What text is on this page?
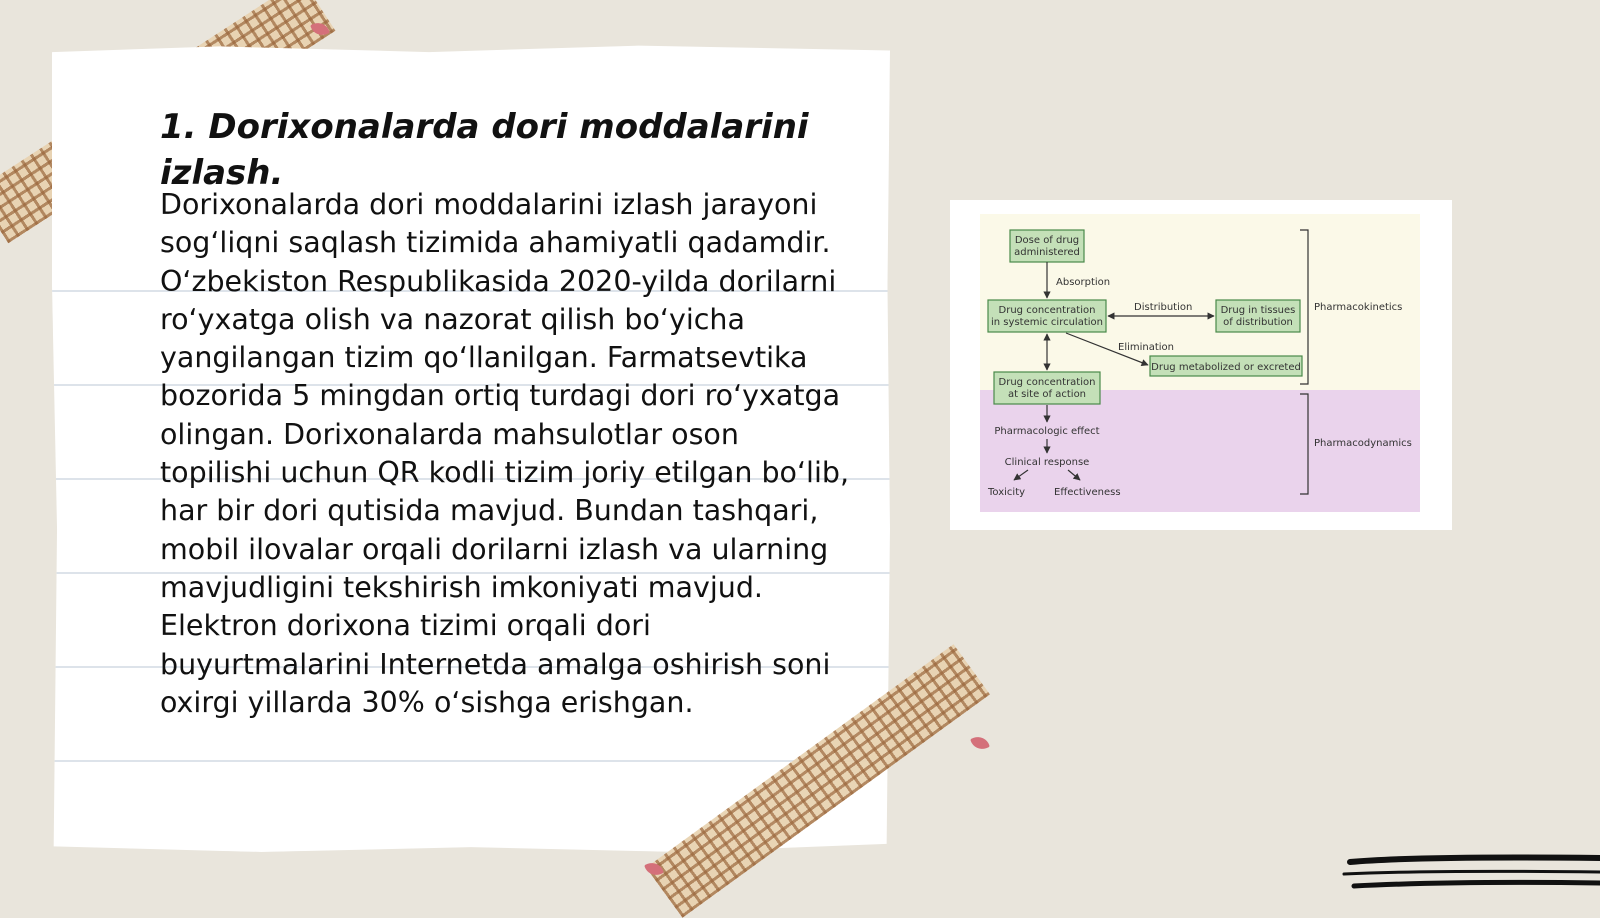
1. Dorixonalarda dori moddalarini izlash.

Dorixonalarda dori moddalarini izlash jarayoni sogʻliqni saqlash tizimida ahamiyatli qadamdir. Oʻzbekiston Respublikasida 2020-yilda dorilarni roʻyxatga olish va nazorat qilish boʻyicha yangilangan tizim qoʻllanilgan. Farmatsevtika bozorida 5 mingdan ortiq turdagi dori roʻyxatga olingan. Dorixonalarda mahsulotlar oson topilishi uchun QR kodli tizim joriy etilgan boʻlib, har bir dori qutisida mavjud. Bundan tashqari, mobil ilovalar orqali dorilarni izlash va ularning mavjudligini tekshirish imkoniyati mavjud. Elektron dorixona tizimi orqali dori buyurtmalarini Internetda amalga oshirish soni oxirgi yillarda 30% oʻsishga erishgan.

Dose of drug
administered
Drug concentration
in systemic circulation
Drug in tissues
of distribution
Drug metabolized or excreted
Drug concentration
at site of action
Absorption
Distribution
Elimination
Pharmacologic effect
Clinical response
Toxicity	Effectiveness
Pharmacokinetics
Pharmacodynamics
